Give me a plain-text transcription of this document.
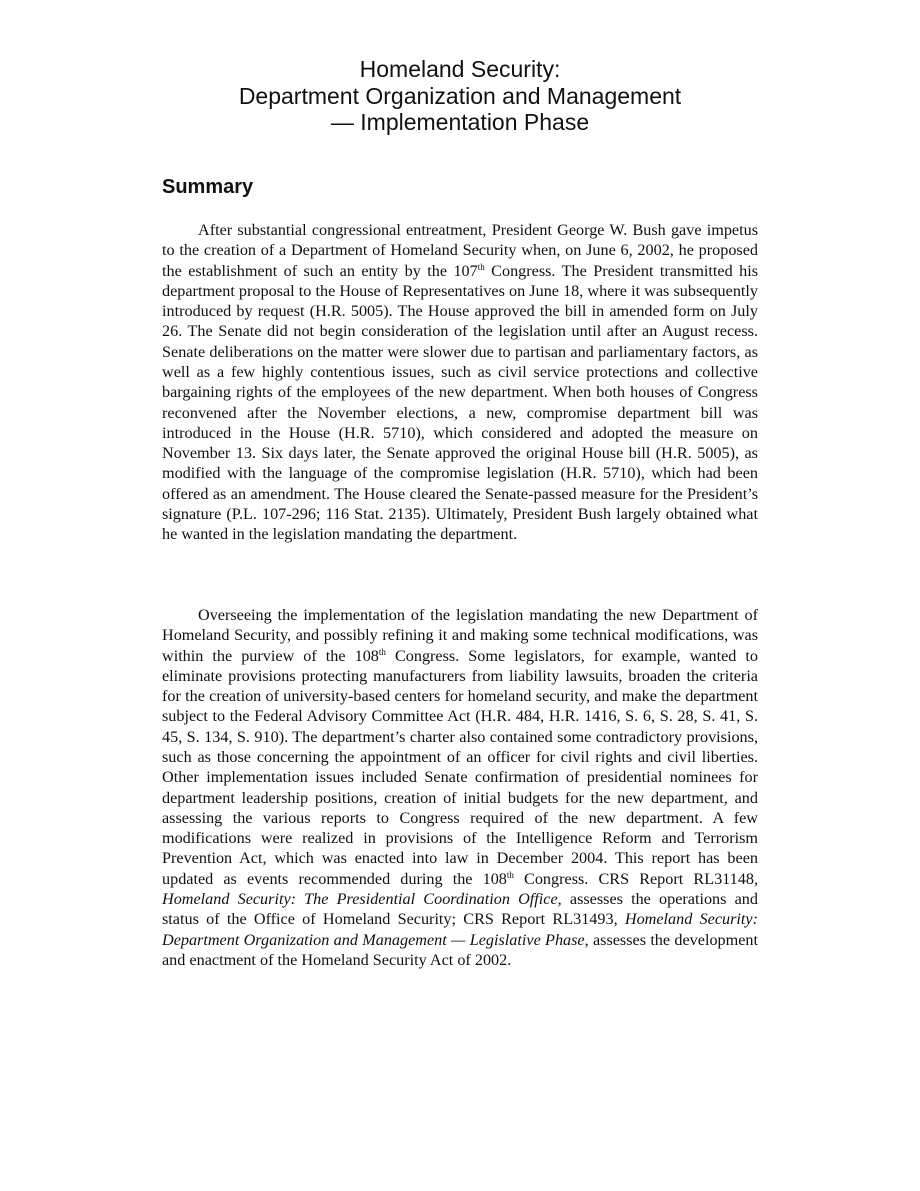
Homeland Security:
Department Organization and Management
— Implementation Phase
Summary

After substantial congressional entreatment, President George W. Bush gave impetus to the creation of a Department of Homeland Security when, on June 6, 2002, he proposed the establishment of such an entity by the 107th Congress. The President transmitted his department proposal to the House of Representatives on June 18, where it was subsequently introduced by request (H.R. 5005). The House approved the bill in amended form on July 26. The Senate did not begin consideration of the legislation until after an August recess. Senate deliberations on the matter were slower due to partisan and parliamentary factors, as well as a few highly contentious issues, such as civil service protections and collective bargaining rights of the employees of the new department. When both houses of Congress reconvened after the November elections, a new, compromise department bill was introduced in the House (H.R. 5710), which considered and adopted the measure on November 13. Six days later, the Senate approved the original House bill (H.R. 5005), as modified with the language of the compromise legislation (H.R. 5710), which had been offered as an amendment. The House cleared the Senate-passed measure for the President’s signature (P.L. 107-296; 116 Stat. 2135). Ultimately, President Bush largely obtained what he wanted in the legislation mandating the department.

Overseeing the implementation of the legislation mandating the new Department of Homeland Security, and possibly refining it and making some technical modifications, was within the purview of the 108th Congress. Some legislators, for example, wanted to eliminate provisions protecting manufacturers from liability lawsuits, broaden the criteria for the creation of university-based centers for homeland security, and make the department subject to the Federal Advisory Committee Act (H.R. 484, H.R. 1416, S. 6, S. 28, S. 41, S. 45, S. 134, S. 910). The department’s charter also contained some contradictory provisions, such as those concerning the appointment of an officer for civil rights and civil liberties. Other implementation issues included Senate confirmation of presidential nominees for department leadership positions, creation of initial budgets for the new department, and assessing the various reports to Congress required of the new department. A few modifications were realized in provisions of the Intelligence Reform and Terrorism Prevention Act, which was enacted into law in December 2004. This report has been updated as events recommended during the 108th Congress. CRS Report RL31148, Homeland Security: The Presidential Coordination Office, assesses the operations and status of the Office of Homeland Security; CRS Report RL31493, Homeland Security: Department Organization and Management — Legislative Phase, assesses the development and enactment of the Homeland Security Act of 2002.
